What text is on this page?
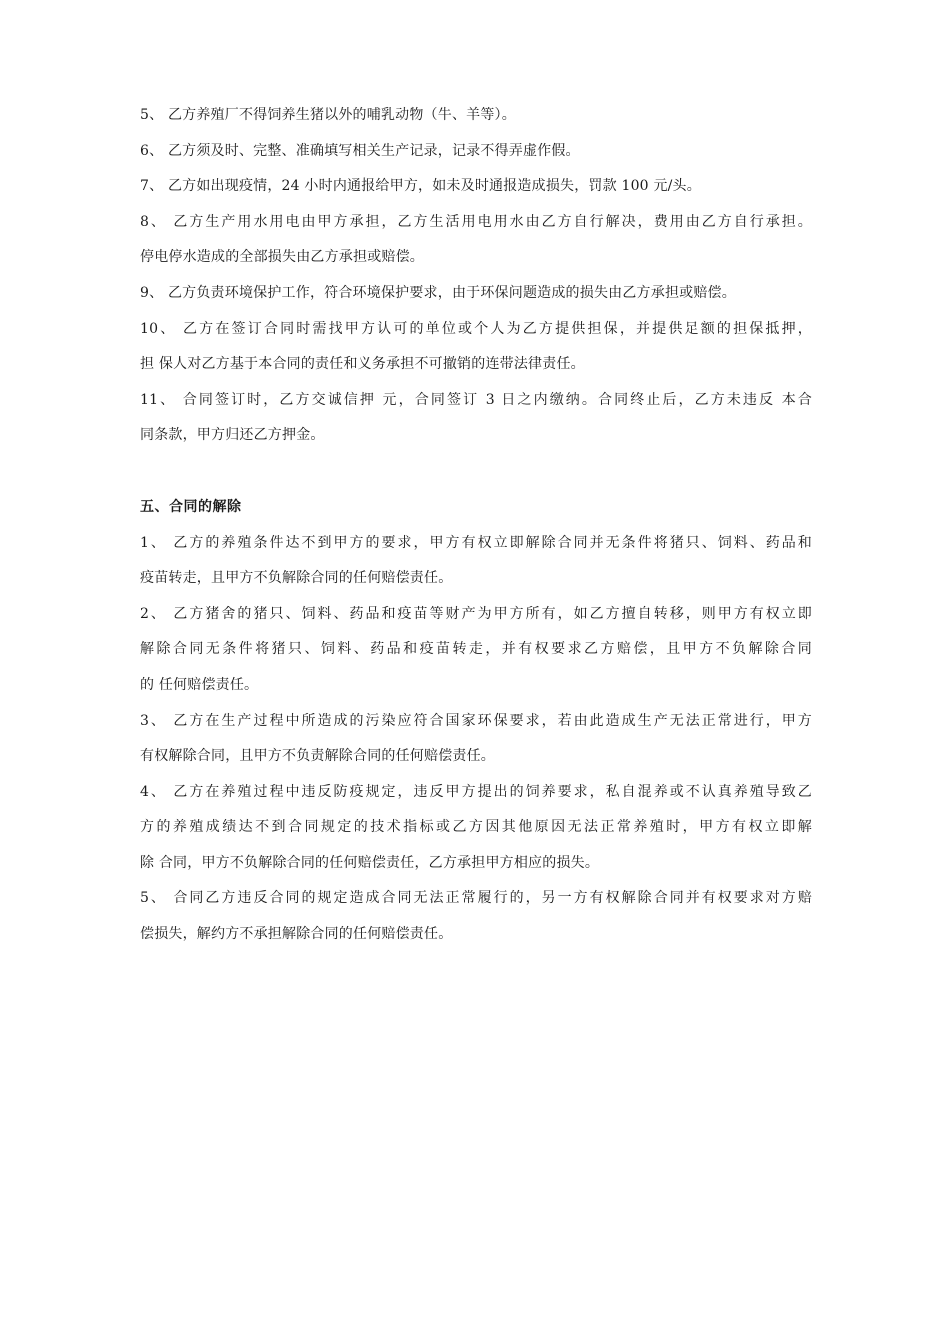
5、 乙方养殖厂不得饲养生猪以外的哺乳动物（牛、羊等）。
6、 乙方须及时、完整、准确填写相关生产记录，记录不得弄虚作假。
7、 乙方如出现疫情，24 小时内通报给甲方，如未及时通报造成损失，罚款 100 元/头。
8、 乙方生产用水用电由甲方承担，乙方生活用电用水由乙方自行解决，费用由乙方自行承担。
停电停水造成的全部损失由乙方承担或赔偿。
9、 乙方负责环境保护工作，符合环境保护要求，由于环保问题造成的损失由乙方承担或赔偿。
10、 乙方在签订合同时需找甲方认可的单位或个人为乙方提供担保，并提供足额的担保抵押，
担 保人对乙方基于本合同的责任和义务承担不可撤销的连带法律责任。
11、 合同签订时，乙方交诚信押 元，合同签订 3 日之内缴纳。合同终止后，乙方未违反 本合
同条款，甲方归还乙方押金。
五、合同的解除
1、 乙方的养殖条件达不到甲方的要求，甲方有权立即解除合同并无条件将猪只、饲料、药品和
疫苗转走，且甲方不负解除合同的任何赔偿责任。
2、 乙方猪舍的猪只、饲料、药品和疫苗等财产为甲方所有，如乙方擅自转移，则甲方有权立即
解除合同无条件将猪只、饲料、药品和疫苗转走，并有权要求乙方赔偿，且甲方不负解除合同
的 任何赔偿责任。
3、 乙方在生产过程中所造成的污染应符合国家环保要求，若由此造成生产无法正常进行，甲方
有权解除合同，且甲方不负责解除合同的任何赔偿责任。
4、 乙方在养殖过程中违反防疫规定，违反甲方提出的饲养要求，私自混养或不认真养殖导致乙
方的养殖成绩达不到合同规定的技术指标或乙方因其他原因无法正常养殖时，甲方有权立即解
除 合同，甲方不负解除合同的任何赔偿责任，乙方承担甲方相应的损失。
5、 合同乙方违反合同的规定造成合同无法正常履行的，另一方有权解除合同并有权要求对方赔
偿损失，解约方不承担解除合同的任何赔偿责任。
